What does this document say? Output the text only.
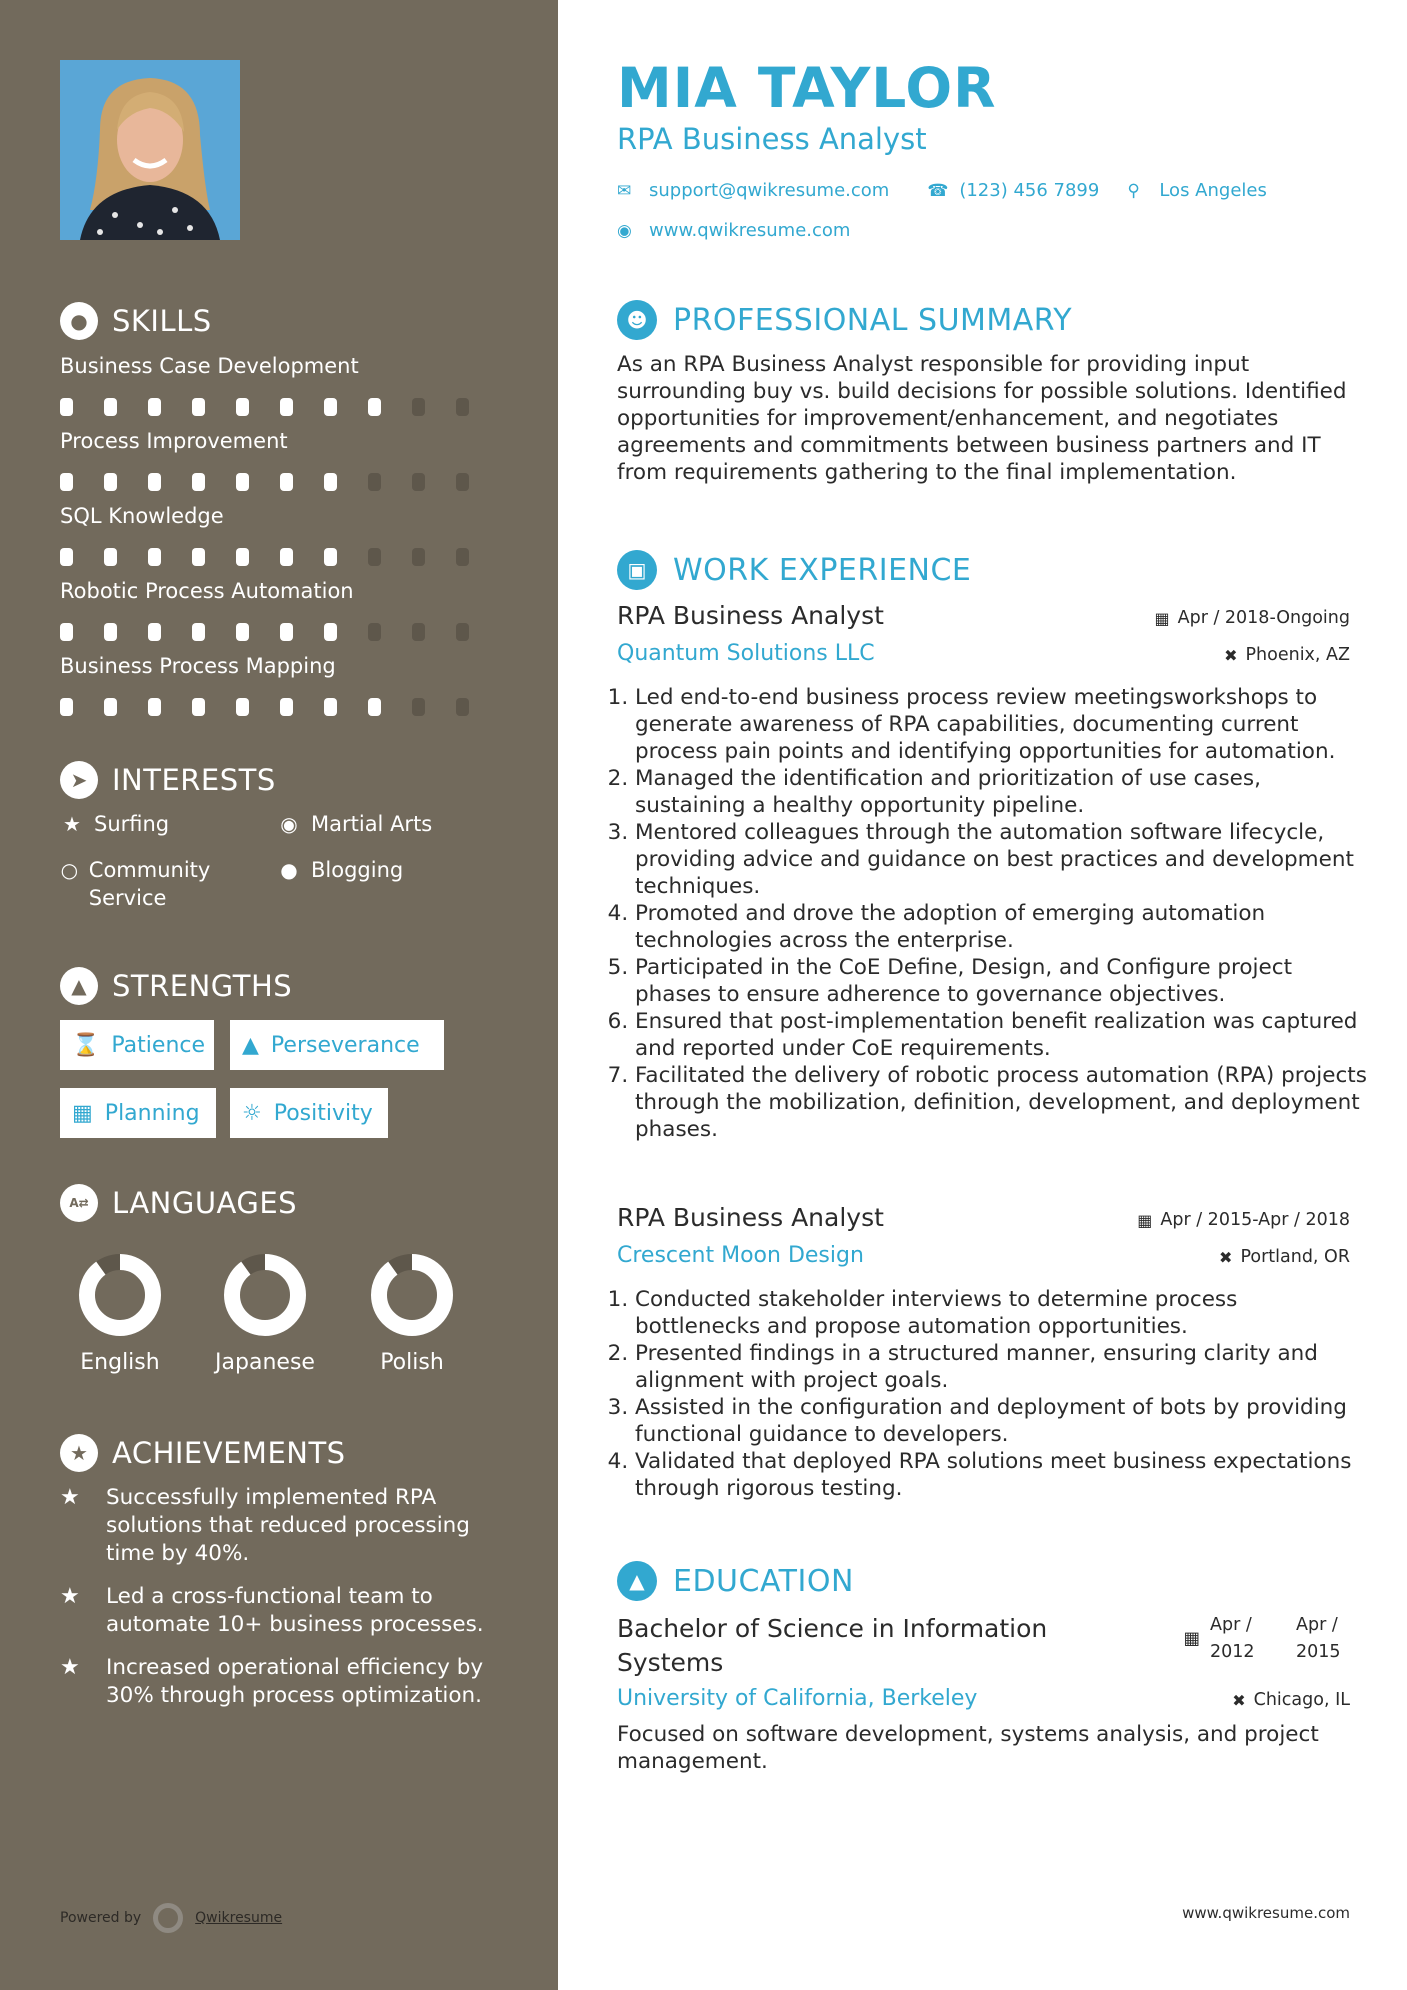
● SKILLS
Business Case Development
Process Improvement
SQL Knowledge
Robotic Process Automation
Business Process Mapping
➤ INTERESTS
★ Surfing	◉ Martial Arts
○ Community Service
● Blogging
▲ STRENGTHS
⌛ Patience ▲ Perseverance
▦ Planning ☼ Positivity
A⇄ LANGUAGES
English	Japanese	Polish
★ ACHIEVEMENTS
★	Successfully implemented RPA solutions that reduced processing time by 40%.
★	Led a cross-functional team to automate 10+ business processes.
★	Increased operational efficiency by 30% through process optimization.
Powered by	Qwikresume
MIA TAYLOR
RPA Business Analyst
✉ support@qwikresume.com ☎ (123) 456 7899 ⚲	Los Angeles
◉ www.qwikresume.com
☻ PROFESSIONAL SUMMARY
As an RPA Business Analyst responsible for providing input surrounding buy vs. build decisions for possible solutions. Identified opportunities for improvement/enhancement, and negotiates agreements and commitments between business partners and IT from requirements gathering to the final implementation.
▣ WORK EXPERIENCE
RPA Business Analyst	▦ Apr / 2018-Ongoing
Quantum Solutions LLC	✖ Phoenix, AZ
1. Led end-to-end business process review meetingsworkshops to generate awareness of RPA capabilities, documenting current process pain points and identifying opportunities for automation.
2. Managed the identification and prioritization of use cases, sustaining a healthy opportunity pipeline.
3. Mentored colleagues through the automation software lifecycle, providing advice and guidance on best practices and development techniques.
4. Promoted and drove the adoption of emerging automation technologies across the enterprise.
5. Participated in the CoE Define, Design, and Configure project phases to ensure adherence to governance objectives.
6. Ensured that post-implementation benefit realization was captured and reported under CoE requirements.
7. Facilitated the delivery of robotic process automation (RPA) projects through the mobilization, definition, development, and deployment phases.
RPA Business Analyst	▦ Apr / 2015-Apr / 2018
Crescent Moon Design	✖ Portland, OR
1. Conducted stakeholder interviews to determine process bottlenecks and propose automation opportunities.
2. Presented findings in a structured manner, ensuring clarity and alignment with project goals.
3. Assisted in the configuration and deployment of bots by providing functional guidance to developers.
4. Validated that deployed RPA solutions meet business expectations through rigorous testing.
▲ EDUCATION
Bachelor of Science in Information Systems
▦
Apr / 2012
Apr / 2015
University of California, Berkeley	✖ Chicago, IL
Focused on software development, systems analysis, and project management.
www.qwikresume.com
